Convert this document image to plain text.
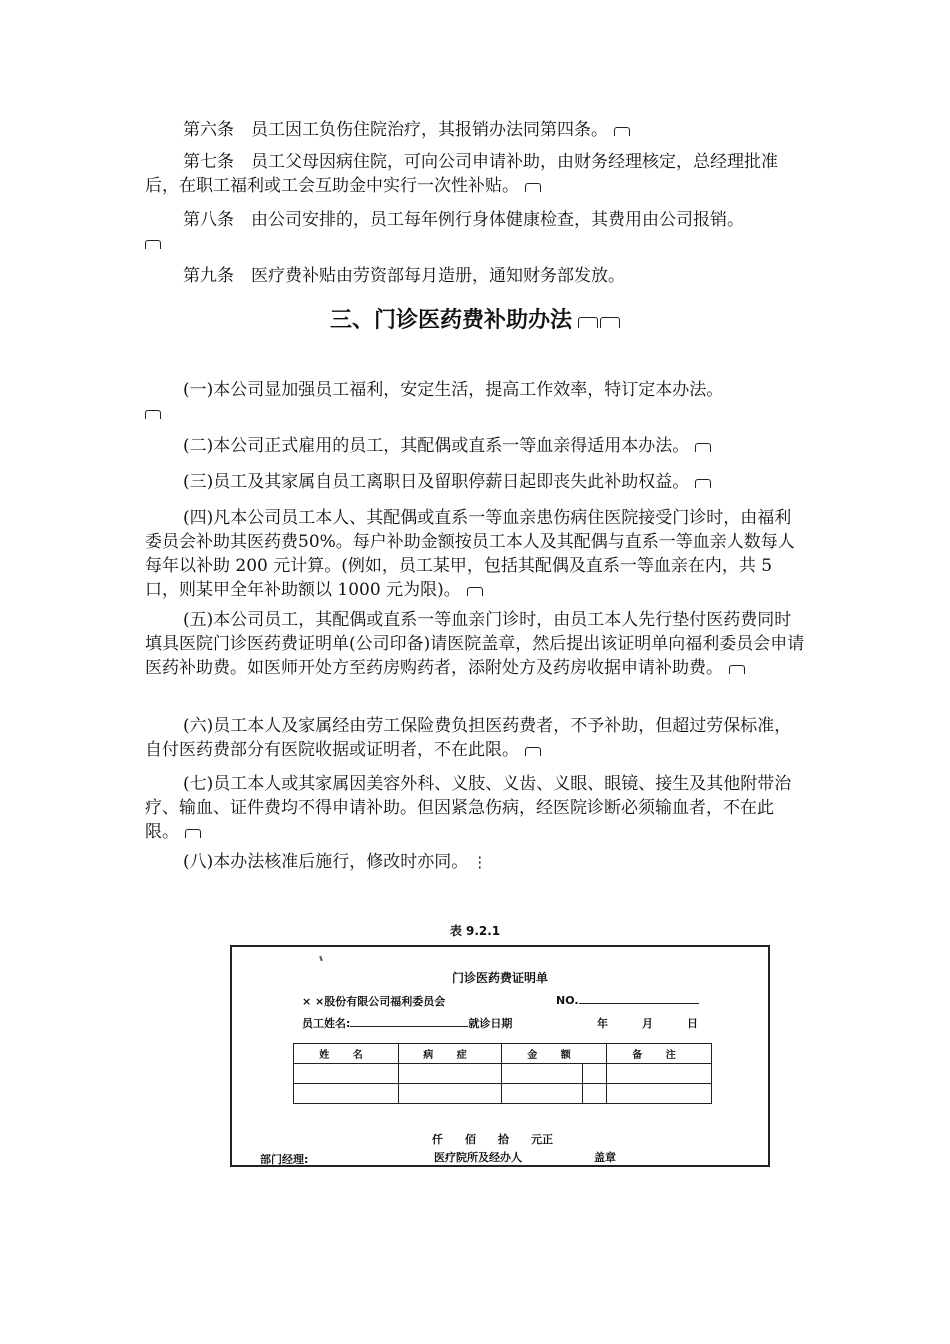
第六条　员工因工负伤住院治疗，其报销办法同第四条。

第七条　员工父母因病住院，可向公司申请补助，由财务经理核定，总经理批准后，在职工福利或工会互助金中实行一次性补贴。

第八条　由公司安排的，员工每年例行身体健康检查，其费用由公司报销。

第九条　医疗费补贴由劳资部每月造册，通知财务部发放。

三、门诊医药费补助办法

(一)本公司显加强员工福利，安定生活，提高工作效率，特订定本办法。

(二)本公司正式雇用的员工，其配偶或直系一等血亲得适用本办法。

(三)员工及其家属自员工离职日及留职停薪日起即丧失此补助权益。

(四)凡本公司员工本人、其配偶或直系一等血亲患伤病住医院接受门诊时，由福利委员会补助其医药费50%。每户补助金额按员工本人及其配偶与直系一等血亲人数每人每年以补助 200 元计算。(例如，员工某甲，包括其配偶及直系一等血亲在内，共 5 口，则某甲全年补助额以 1000 元为限)。

(五)本公司员工，其配偶或直系一等血亲门诊时，由员工本人先行垫付医药费同时填具医院门诊医药费证明单(公司印备)请医院盖章，然后提出该证明单向福利委员会申请医药补助费。如医师开处方至药房购药者，添附处方及药房收据申请补助费。

(六)员工本人及家属经由劳工保险费负担医药费者，不予补助，但超过劳保标准，自付医药费部分有医院收据或证明者，不在此限。

(七)员工本人或其家属因美容外科、义肢、义齿、义眼、眼镜、接生及其他附带治疗、输血、证件费均不得申请补助。但因紧急伤病，经医院诊断必须输血者，不在此限。

(八)本办法核准后施行，修改时亦同。 ⋮

表 9.2.1
门诊医药费证明单
× ×股份有限公司福利委员会	NO.
员工姓名:	就诊日期	年	月	日
姓 名	病 症	金 额		备 注

仟　　佰　　拾　　元正
部门经理:	医疗院所及经办人	盖章
